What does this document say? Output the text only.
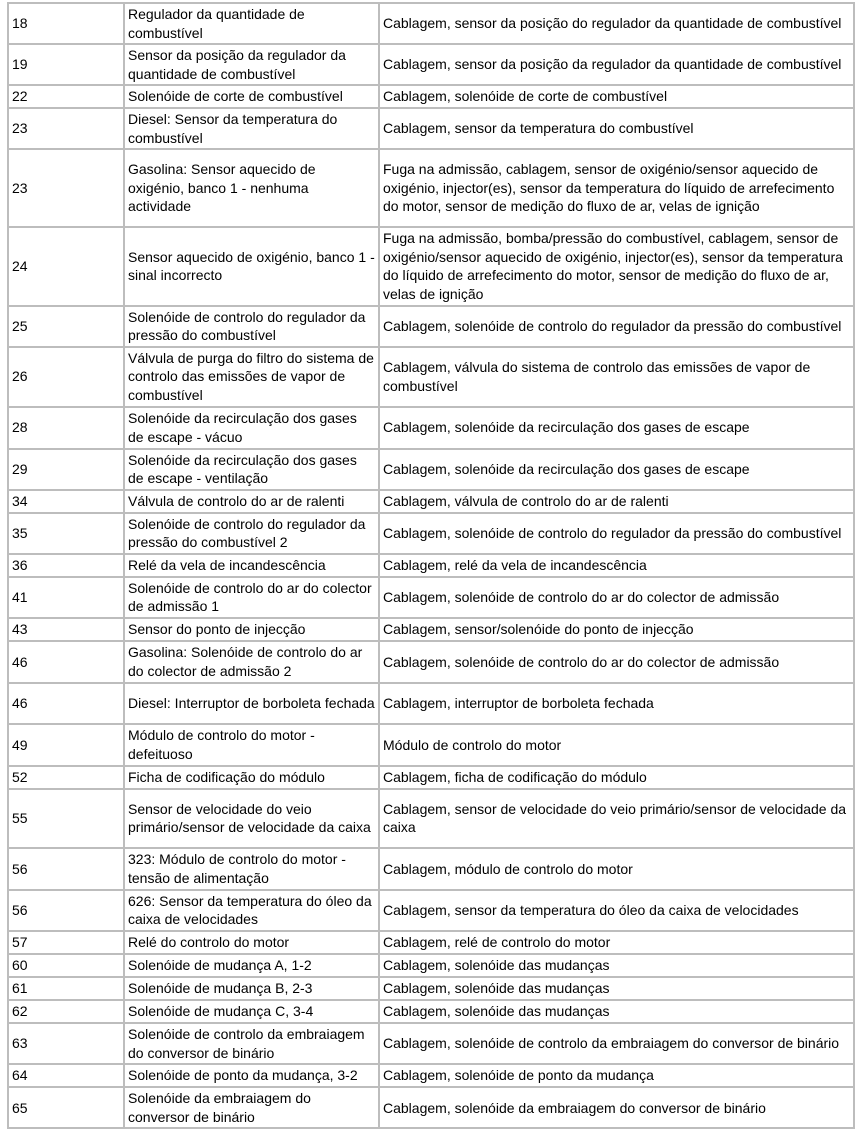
18	Regulador da quantidade de combustível	Cablagem, sensor da posição do regulador da quantidade de combustível
19	Sensor da posição da regulador da quantidade de combustível	Cablagem, sensor da posição da regulador da quantidade de combustível
22	Solenóide de corte de combustível	Cablagem, solenóide de corte de combustível
23	Diesel: Sensor da temperatura do combustível	Cablagem, sensor da temperatura do combustível
23	Gasolina: Sensor aquecido de oxigénio, banco 1 - nenhuma actividade	Fuga na admissão, cablagem, sensor de oxigénio/sensor aquecido de oxigénio, injector(es), sensor da temperatura do líquido de arrefecimento do motor, sensor de medição do fluxo de ar, velas de ignição
24	Sensor aquecido de oxigénio, banco 1 - sinal incorrecto	Fuga na admissão, bomba/pressão do combustível, cablagem, sensor de oxigénio/sensor aquecido de oxigénio, injector(es), sensor da temperatura do líquido de arrefecimento do motor, sensor de medição do fluxo de ar, velas de ignição
25	Solenóide de controlo do regulador da pressão do combustível	Cablagem, solenóide de controlo do regulador da pressão do combustível
26	Válvula de purga do filtro do sistema de controlo das emissões de vapor de combustível	Cablagem, válvula do sistema de controlo das emissões de vapor de combustível
28	Solenóide da recirculação dos gases de escape - vácuo	Cablagem, solenóide da recirculação dos gases de escape
29	Solenóide da recirculação dos gases de escape - ventilação	Cablagem, solenóide da recirculação dos gases de escape
34	Válvula de controlo do ar de ralenti	Cablagem, válvula de controlo do ar de ralenti
35	Solenóide de controlo do regulador da pressão do combustível 2	Cablagem, solenóide de controlo do regulador da pressão do combustível
36	Relé da vela de incandescência	Cablagem, relé da vela de incandescência
41	Solenóide de controlo do ar do colector de admissão 1	Cablagem, solenóide de controlo do ar do colector de admissão
43	Sensor do ponto de injecção	Cablagem, sensor/solenóide do ponto de injecção
46	Gasolina: Solenóide de controlo do ar do colector de admissão 2	Cablagem, solenóide de controlo do ar do colector de admissão
46	Diesel: Interruptor de borboleta fechada	Cablagem, interruptor de borboleta fechada
49	Módulo de controlo do motor - defeituoso	Módulo de controlo do motor
52	Ficha de codificação do módulo	Cablagem, ficha de codificação do módulo
55	Sensor de velocidade do veio primário/sensor de velocidade da caixa	Cablagem, sensor de velocidade do veio primário/sensor de velocidade da caixa
56	323: Módulo de controlo do motor - tensão de alimentação	Cablagem, módulo de controlo do motor
56	626: Sensor da temperatura do óleo da caixa de velocidades	Cablagem, sensor da temperatura do óleo da caixa de velocidades
57	Relé do controlo do motor	Cablagem, relé de controlo do motor
60	Solenóide de mudança A, 1-2	Cablagem, solenóide das mudanças
61	Solenóide de mudança B, 2-3	Cablagem, solenóide das mudanças
62	Solenóide de mudança C, 3-4	Cablagem, solenóide das mudanças
63	Solenóide de controlo da embraiagem do conversor de binário	Cablagem, solenóide de controlo da embraiagem do conversor de binário
64	Solenóide de ponto da mudança, 3-2	Cablagem, solenóide de ponto da mudança
65	Solenóide da embraiagem do conversor de binário	Cablagem, solenóide da embraiagem do conversor de binário
